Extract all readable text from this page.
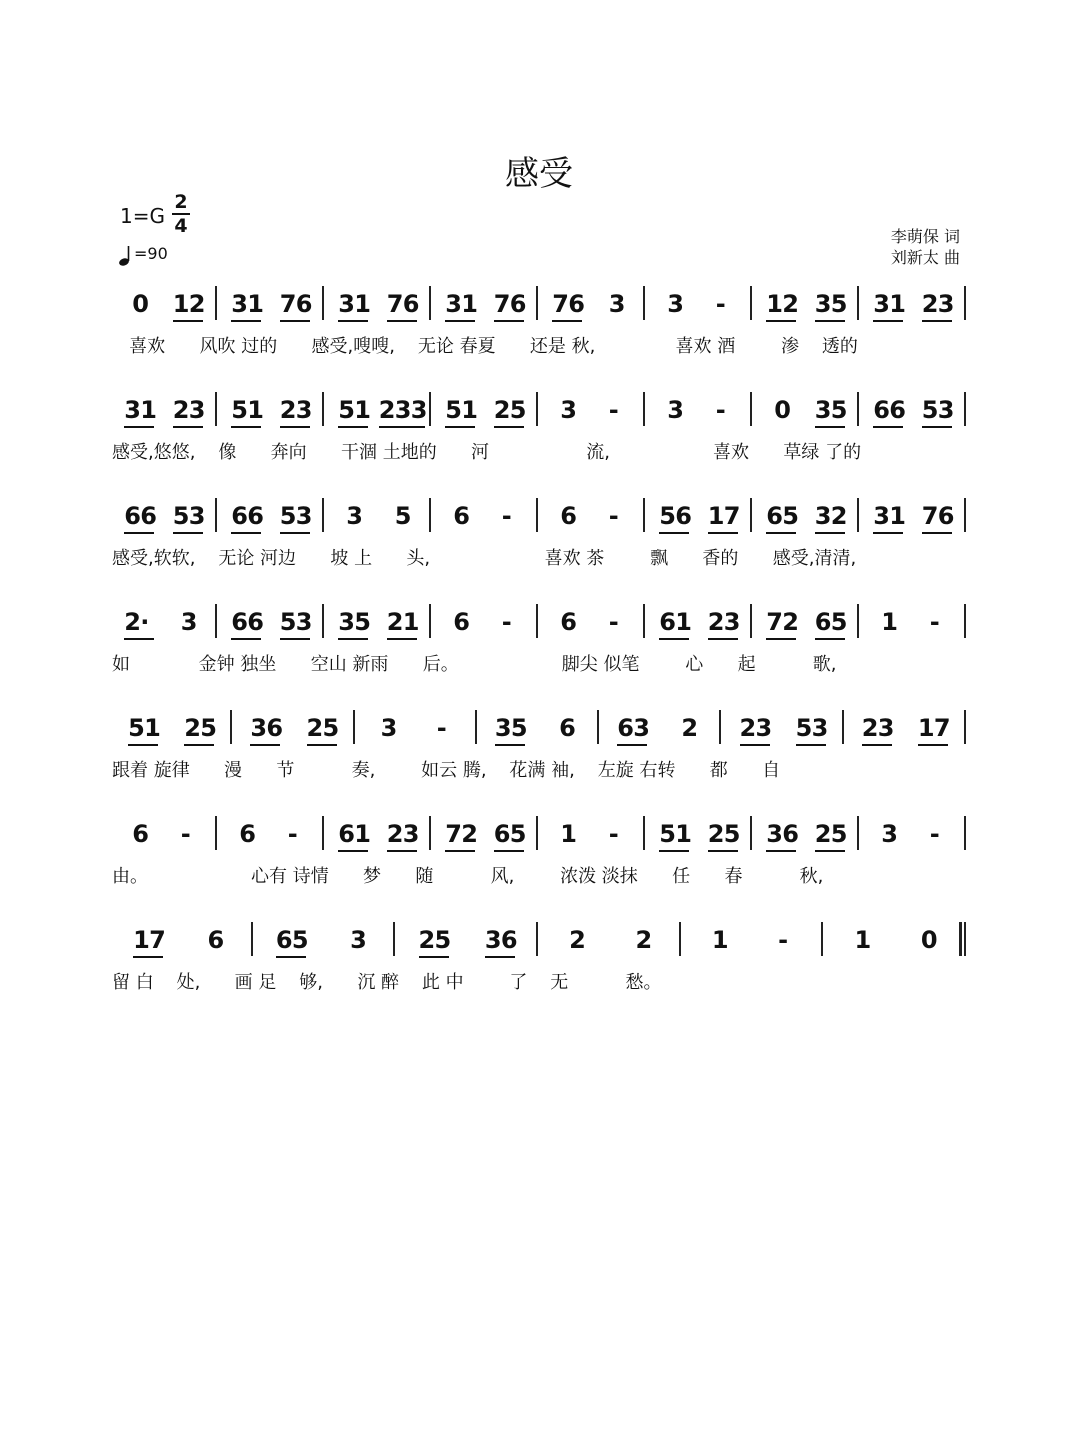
感受
1=G
2
4
=90
李萌保 词
刘新太 曲
0 1 2 3 1 7 6 3 1 7 6 3 1 7 6 7 6 3 3 - 1 2 3 5 3 1 2 3
喜欢      风吹 过的      感受,嗖嗖,    无论 春夏      还是 秋,              喜欢 酒        渗    透的
3 1 2 3 5 1 2 3 5 1 2 3 3 5 1 2 5 3 - 3 - 0 3 5 6 6 5 3
感受,悠悠,    像      奔向      干涸 土地的      河                 流,                  喜欢      草绿 了的
6 6 5 3 6 6 5 3 3 5 6 - 6 - 5 6 1 7 6 5 3 2 3 1 7 6
感受,软软,    无论 河边      坡 上      头,                    喜欢 茶        飘      香的      感受,清清,
2 · 3 6 6 5 3 3 5 2 1 6 - 6 - 6 1 2 3 7 2 6 5 1 -
如            金钟 独坐      空山 新雨      后。                  脚尖 似笔        心      起          歌,
5 1 2 5 3 6 2 5 3 - 3 5 6 6 3 2 2 3 5 3 2 3 1 7
跟着 旋律      漫      节          奏,        如云 腾,    花满 袖,    左旋 右转      都      自
6 - 6 - 6 1 2 3 7 2 6 5 1 - 5 1 2 5 3 6 2 5 3 -
由。                  心有 诗情      梦      随          风,        浓泼 淡抹      任      春          秋,
1 7 6 6 5 3 2 5 3 6 2 2 1 -	1 0
留 白    处,      画 足    够,      沉 醉    此 中        了    无          愁。
